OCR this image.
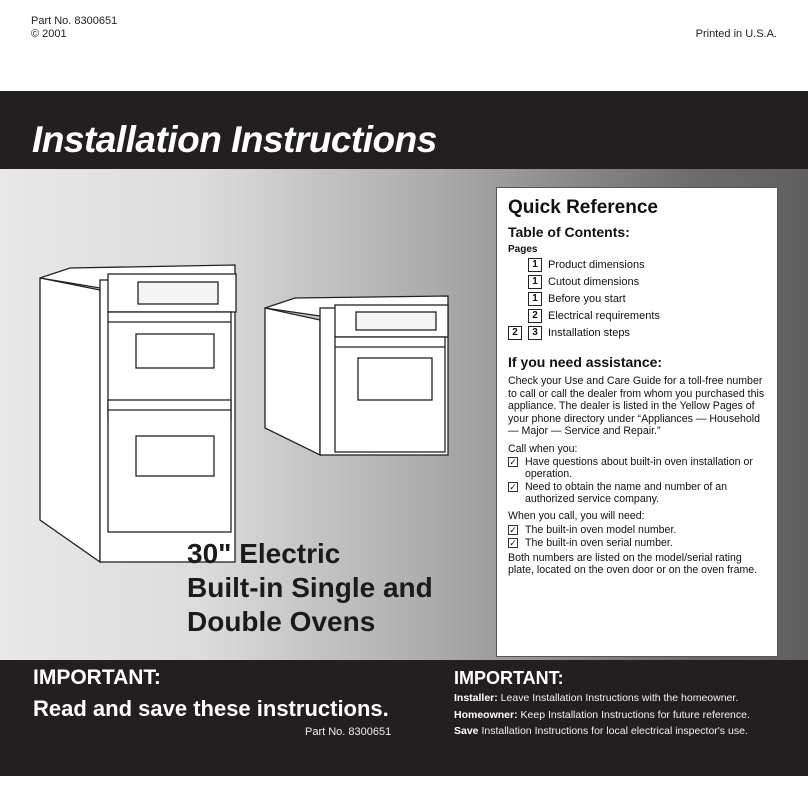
Part No. 8300651
© 2001	Printed in U.S.A.
Installation Instructions
30" Electric
Built-in Single and
Double Ovens
Quick Reference
Table of Contents:
Pages
1 Product dimensions
1 Cutout dimensions
1 Before you start
2 Electrical requirements
2	3 Installation steps
If you need assistance:

Check your Use and Care Guide for a toll-free number to call or call the dealer from whom you purchased this appliance. The dealer is listed in the Yellow Pages of your phone directory under “Appliances — Household — Major — Service and Repair.”

Call when you:

✓ Have questions about built-in oven installation or operation.
✓ Need to obtain the name and number of an authorized service company.

When you call, you will need:

✓ The built-in oven model number.
✓ The built-in oven serial number.

Both numbers are listed on the model/serial rating plate, located on the oven door or on the oven frame.

IMPORTANT:
Read and save these instructions.
Part No. 8300651
IMPORTANT:
Installer: Leave Installation Instructions with the homeowner.
Homeowner: Keep Installation Instructions for future reference.
Save Installation Instructions for local electrical inspector's use.
